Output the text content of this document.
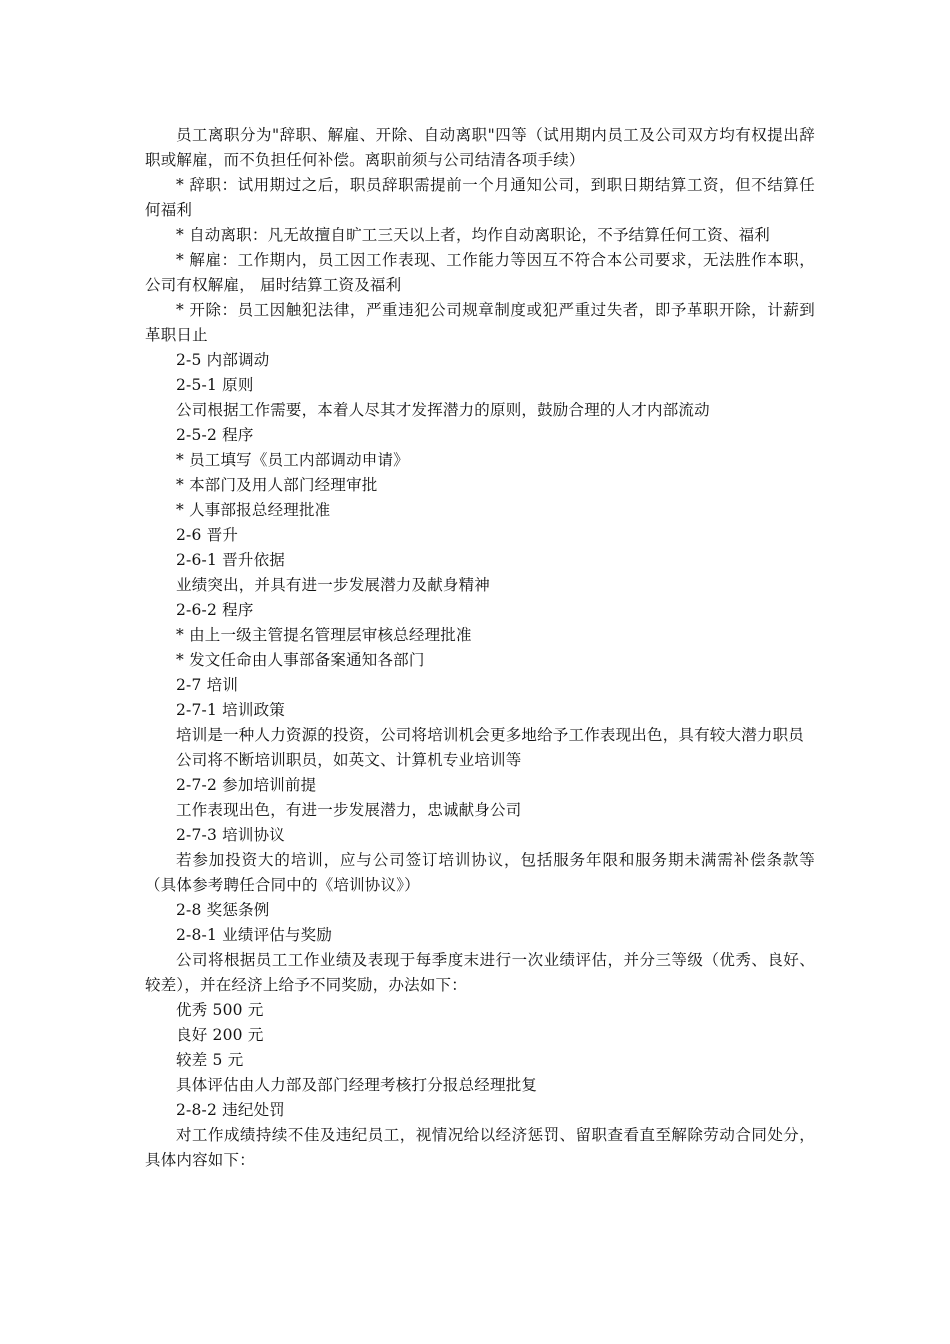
员工离职分为"辞职、解雇、开除、自动离职"四等（试用期内员工及公司双方均有权提出辞职或解雇，而不负担任何补偿。离职前须与公司结清各项手续）

* 辞职：试用期过之后，职员辞职需提前一个月通知公司，到职日期结算工资，但不结算任何福利

* 自动离职：凡无故擅自旷工三天以上者，均作自动离职论，不予结算任何工资、福利

* 解雇：工作期内，员工因工作表现、工作能力等因互不符合本公司要求，无法胜作本职，公司有权解雇， 届时结算工资及福利

* 开除：员工因触犯法律，严重违犯公司规章制度或犯严重过失者，即予革职开除，计薪到革职日止

2-5 内部调动

2-5-1 原则

公司根据工作需要，本着人尽其才发挥潜力的原则，鼓励合理的人才内部流动

2-5-2 程序

* 员工填写《员工内部调动申请》

* 本部门及用人部门经理审批

* 人事部报总经理批准

2-6 晋升

2-6-1 晋升依据

业绩突出，并具有进一步发展潜力及献身精神

2-6-2 程序

* 由上一级主管提名管理层审核总经理批准

* 发文任命由人事部备案通知各部门

2-7 培训

2-7-1 培训政策

培训是一种人力资源的投资，公司将培训机会更多地给予工作表现出色，具有较大潜力职员

公司将不断培训职员，如英文、计算机专业培训等

2-7-2 参加培训前提

工作表现出色，有进一步发展潜力，忠诚献身公司

2-7-3 培训协议

若参加投资大的培训，应与公司签订培训协议，包括服务年限和服务期未满需补偿条款等（具体参考聘任合同中的《培训协议》）

2-8 奖惩条例

2-8-1 业绩评估与奖励

公司将根据员工工作业绩及表现于每季度末进行一次业绩评估，并分三等级（优秀、良好、较差），并在经济上给予不同奖励，办法如下：

优秀 500 元

良好 200 元

较差 5 元

具体评估由人力部及部门经理考核打分报总经理批复

2-8-2 违纪处罚

对工作成绩持续不佳及违纪员工，视情况给以经济惩罚、留职查看直至解除劳动合同处分，具体内容如下：
